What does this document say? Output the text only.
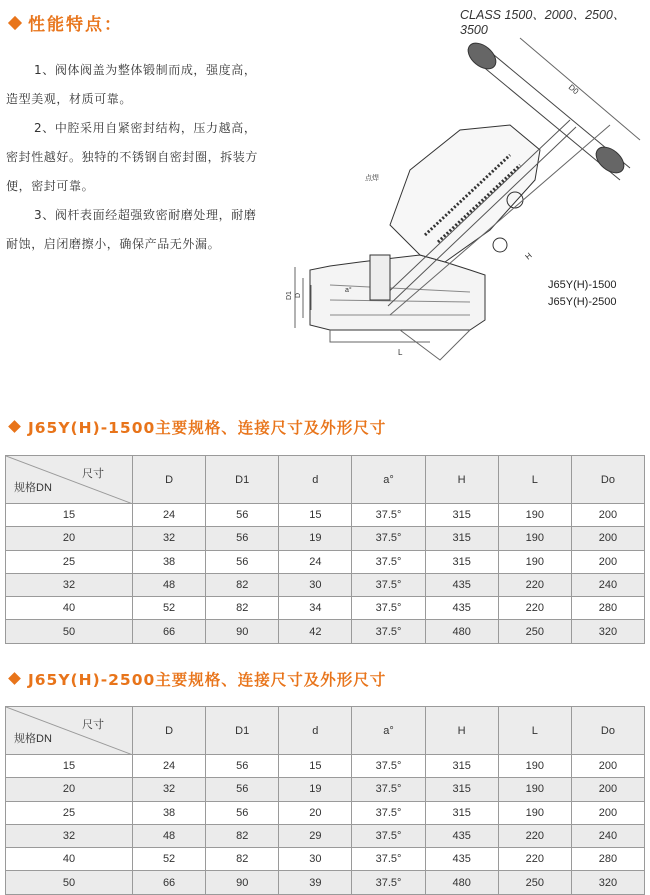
性能特点：

1、阀体阀盖为整体锻制而成，强度高，造型美观，材质可靠。

2、中腔采用自紧密封结构，压力越高，密封性越好。独特的不锈钢自密封圈，拆装方便，密封可靠。

3、阀杆表面经超强致密耐磨处理，耐磨耐蚀，启闭磨擦小，确保产品无外漏。

CLASS 1500、2000、2500、3500
D0
H
L
D1 D
a°
点焊
J65Y(H)-1500
J65Y(H)-2500
J65Y(H)-1500主要规格、连接尺寸及外形尺寸
尺寸
规格DN	D	D1	d	a°	H	L	Do
15	24	56	15	37.5°	315	190	200
20	32	56	19	37.5°	315	190	200
25	38	56	24	37.5°	315	190	200
32	48	82	30	37.5°	435	220	240
40	52	82	34	37.5°	435	220	280
50	66	90	42	37.5°	480	250	320
J65Y(H)-2500主要规格、连接尺寸及外形尺寸
尺寸
规格DN	D	D1	d	a°	H	L	Do
15	24	56	15	37.5°	315	190	200
20	32	56	19	37.5°	315	190	200
25	38	56	20	37.5°	315	190	200
32	48	82	29	37.5°	435	220	240
40	52	82	30	37.5°	435	220	280
50	66	90	39	37.5°	480	250	320
